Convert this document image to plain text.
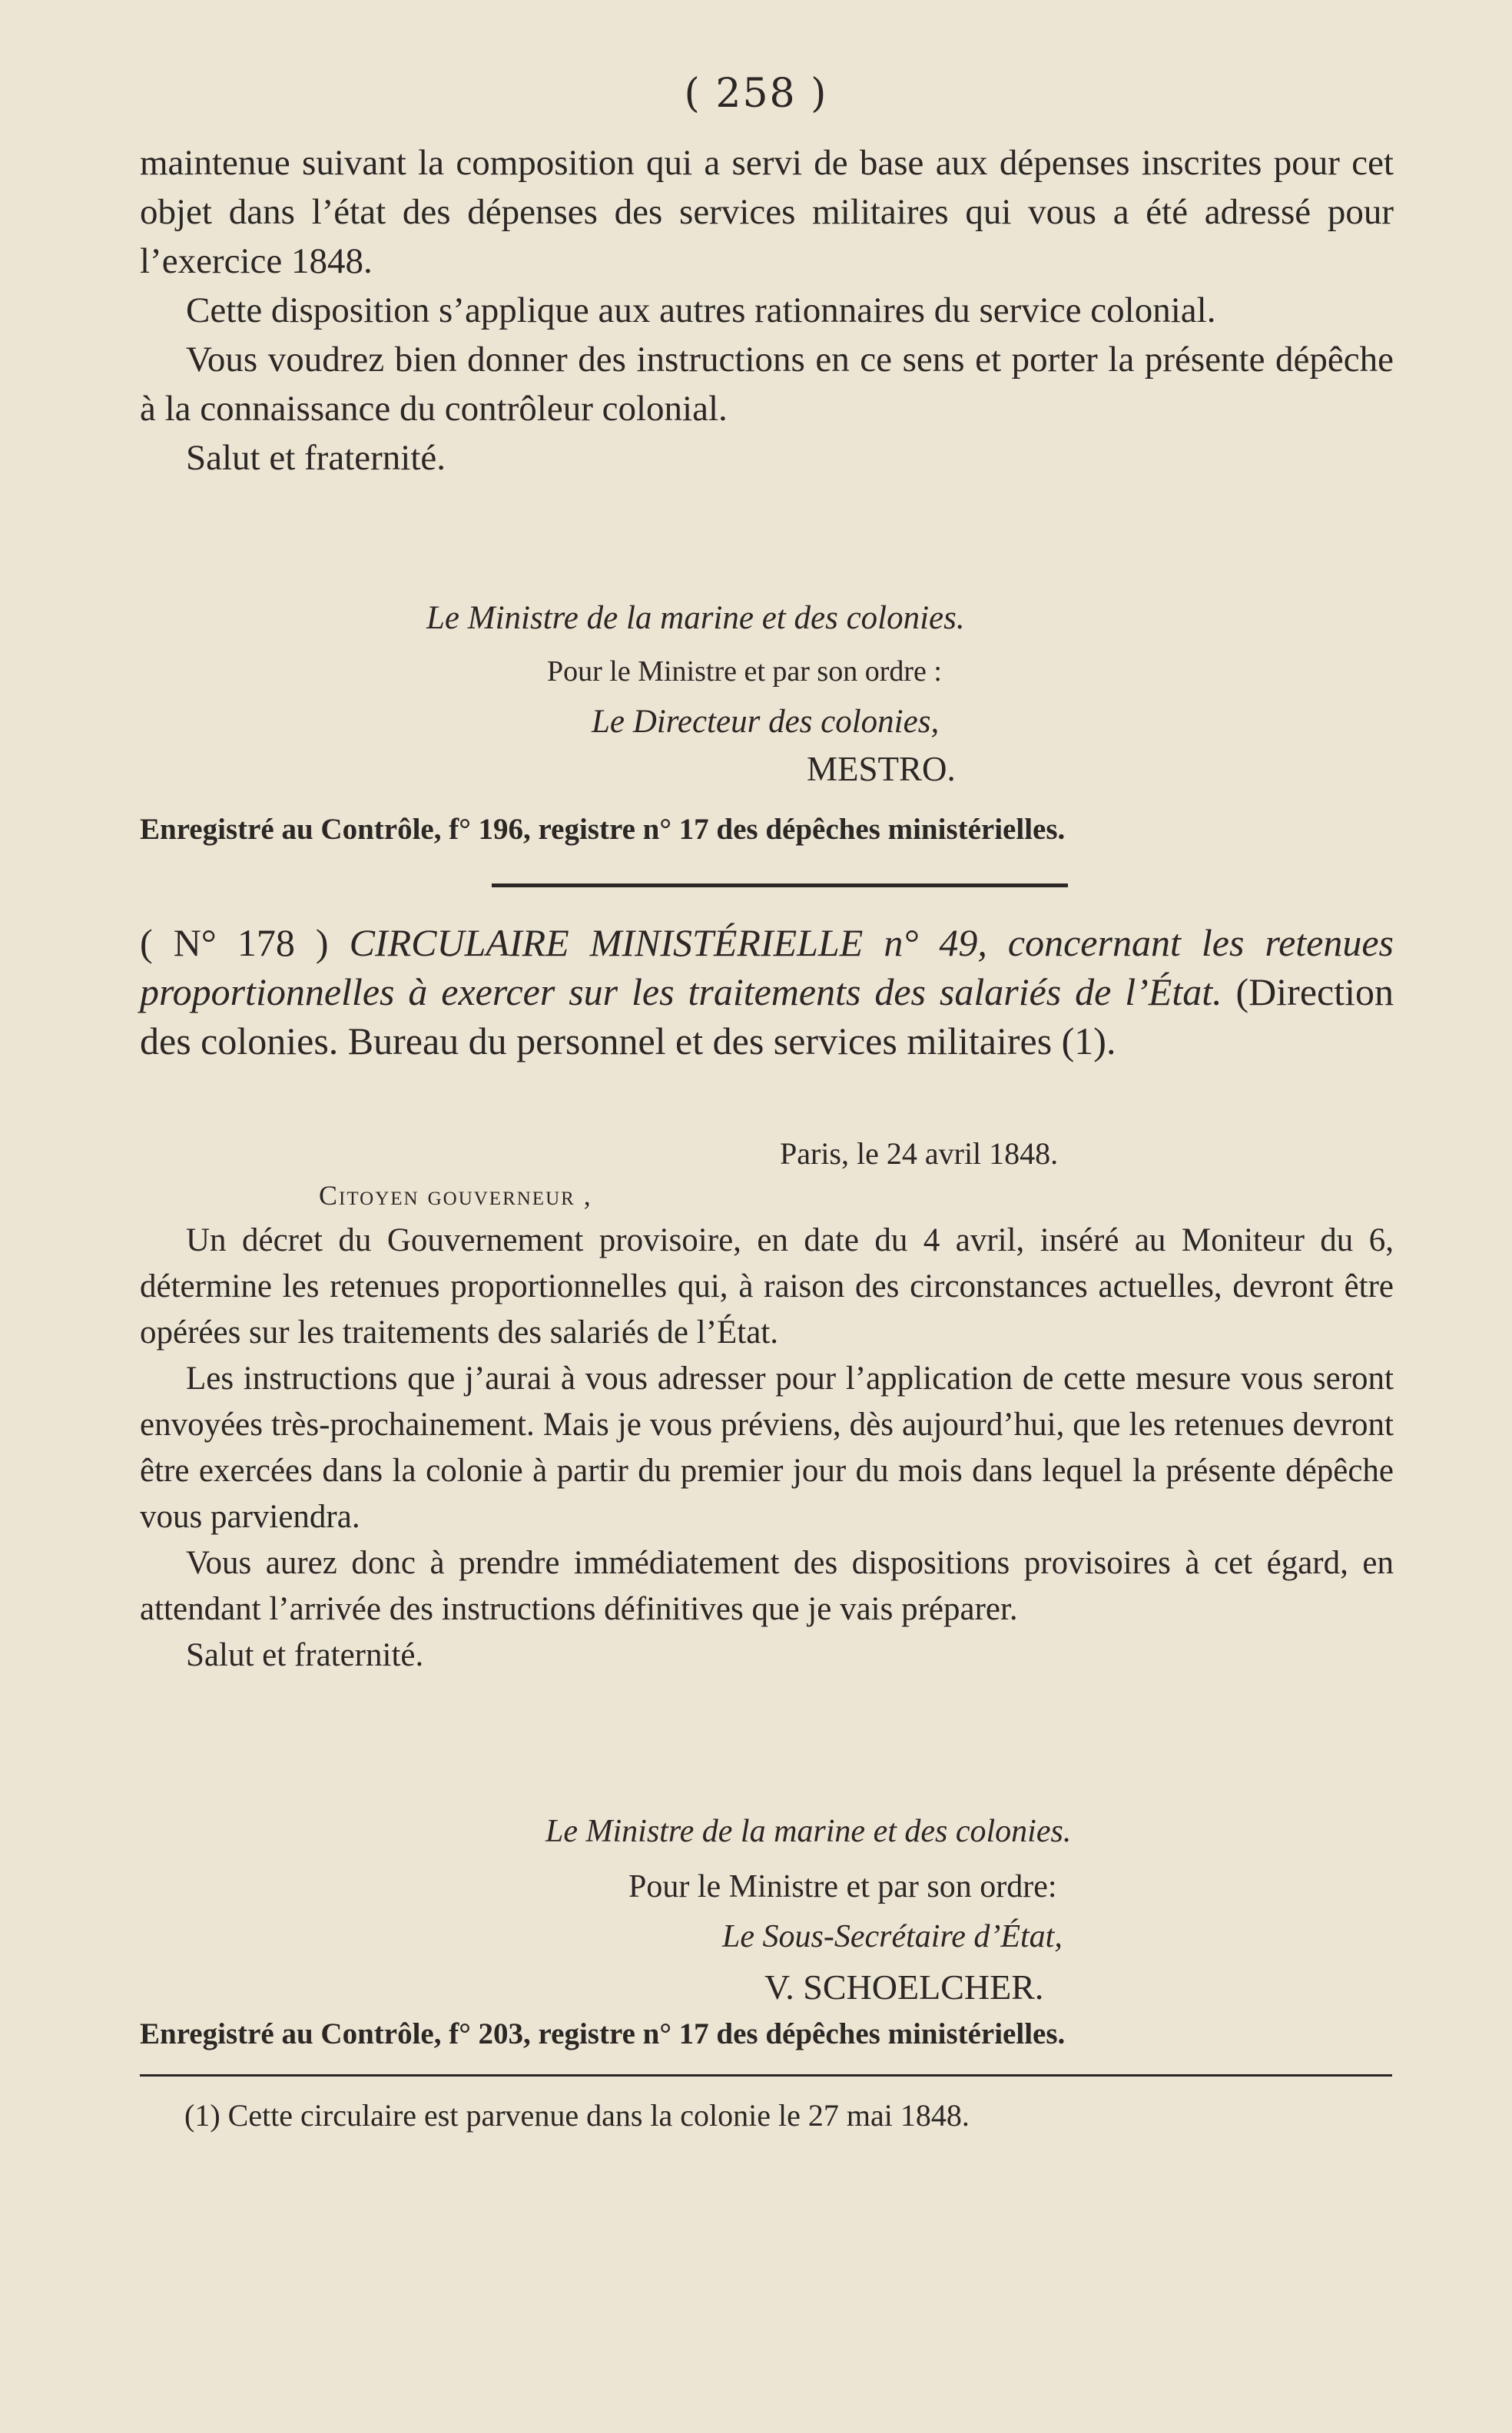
( 258 )

maintenue suivant la composition qui a servi de base aux dépenses inscrites pour cet objet dans l’état des dépenses des services militaires qui vous a été adressé pour l’exercice 1848.

Cette disposition s’applique aux autres rationnaires du service colonial.

Vous voudrez bien donner des instructions en ce sens et porter la présente dépêche à la connaissance du contrôleur colonial.

Salut et fraternité.

Le Ministre de la marine et des colonies.
Pour le Ministre et par son ordre :
Le Directeur des colonies,
MESTRO.
Enregistré au Contrôle, f° 196, registre n° 17 des dépêches ministérielles.
( N° 178 ) CIRCULAIRE MINISTÉRIELLE n° 49, concernant les retenues proportionnelles à exercer sur les traitements des salariés de l’État. (Direction des colonies. Bureau du personnel et des services militaires (1).
Paris, le 24 avril 1848.
Citoyen gouverneur ,

Un décret du Gouvernement provisoire, en date du 4 avril, inséré au Moniteur du 6, détermine les retenues proportionnelles qui, à raison des circonstances actuelles, devront être opérées sur les traitements des salariés de l’État.

Les instructions que j’aurai à vous adresser pour l’application de cette mesure vous seront envoyées très-prochainement. Mais je vous préviens, dès aujourd’hui, que les retenues devront être exercées dans la colonie à partir du premier jour du mois dans lequel la présente dépêche vous parviendra.

Vous aurez donc à prendre immédiatement des dispositions provisoires à cet égard, en attendant l’arrivée des instructions définitives que je vais préparer.

Salut et fraternité.

Le Ministre de la marine et des colonies.
Pour le Ministre et par son ordre:
Le Sous-Secrétaire d’État,
V. SCHOELCHER.
Enregistré au Contrôle, f° 203, registre n° 17 des dépêches ministérielles.
(1) Cette circulaire est parvenue dans la colonie le 27 mai 1848.
